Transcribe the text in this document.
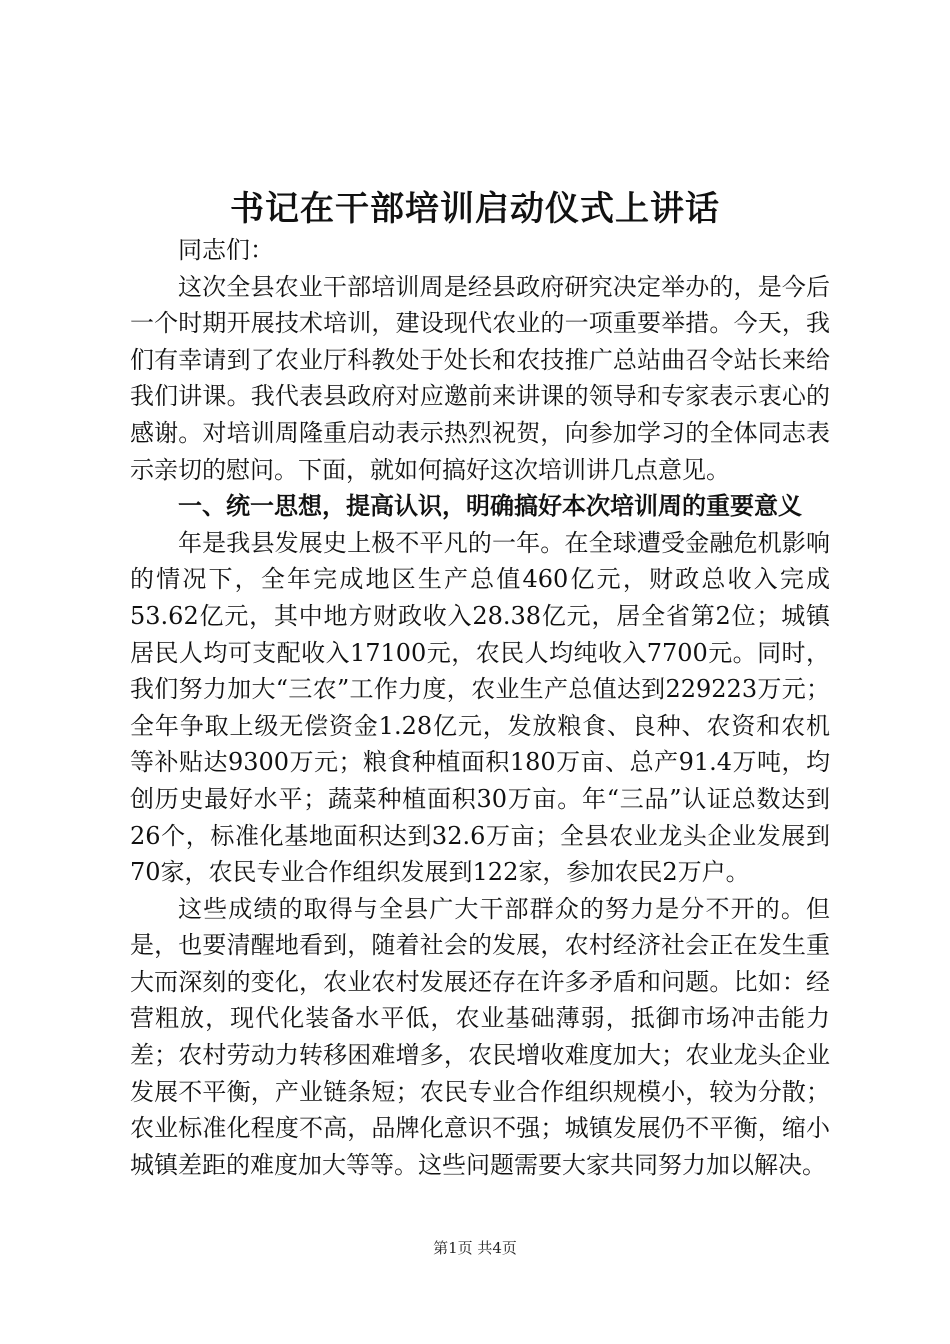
书记在干部培训启动仪式上讲话

同志们：

这次全县农业干部培训周是经县政府研究决定举办的，是今后一个时期开展技术培训，建设现代农业的一项重要举措。今天，我们有幸请到了农业厅科教处于处长和农技推广总站曲召令站长来给我们讲课。我代表县政府对应邀前来讲课的领导和专家表示衷心的感谢。对培训周隆重启动表示热烈祝贺，向参加学习的全体同志表示亲切的慰问。下面，就如何搞好这次培训讲几点意见。

一、统一思想，提高认识，明确搞好本次培训周的重要意义

年是我县发展史上极不平凡的一年。在全球遭受金融危机影响的情况下，全年完成地区生产总值460亿元，财政总收入完成53.62亿元，其中地方财政收入28.38亿元，居全省第2位；城镇居民人均可支配收入17100元，农民人均纯收入7700元。同时，我们努力加大“三农”工作力度，农业生产总值达到229223万元；全年争取上级无偿资金1.28亿元，发放粮食、良种、农资和农机等补贴达9300万元；粮食种植面积180万亩、总产91.4万吨，均创历史最好水平；蔬菜种植面积30万亩。年“三品”认证总数达到26个，标准化基地面积达到32.6万亩；全县农业龙头企业发展到70家，农民专业合作组织发展到122家，参加农民2万户。

这些成绩的取得与全县广大干部群众的努力是分不开的。但是，也要清醒地看到，随着社会的发展，农村经济社会正在发生重大而深刻的变化，农业农村发展还存在许多矛盾和问题。比如：经营粗放，现代化装备水平低，农业基础薄弱，抵御市场冲击能力差；农村劳动力转移困难增多，农民增收难度加大；农业龙头企业发展不平衡，产业链条短；农民专业合作组织规模小，较为分散；农业标准化程度不高，品牌化意识不强；城镇发展仍不平衡，缩小城镇差距的难度加大等等。这些问题需要大家共同努力加以解决。

第1页 共4页
